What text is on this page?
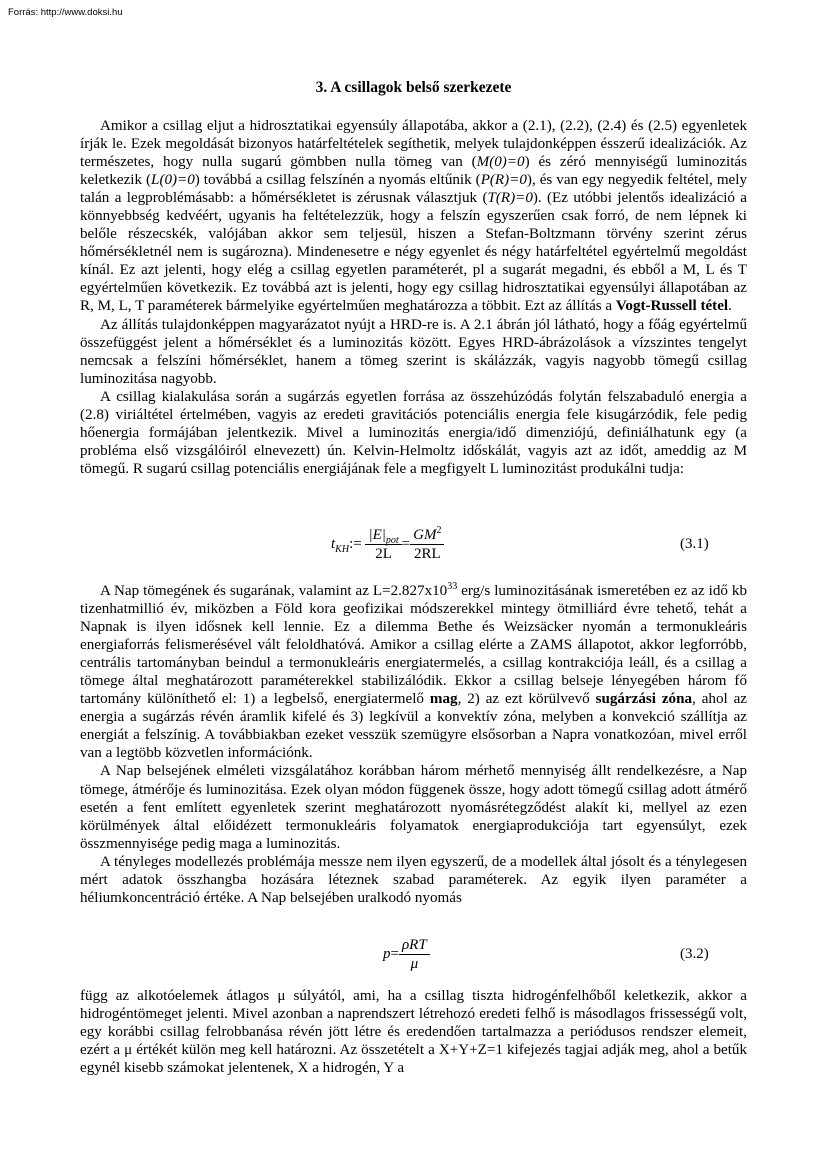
Forrás: http://www.doksi.hu
3. A csillagok belső szerkezete

Amikor a csillag eljut a hidrosztatikai egyensúly állapotába, akkor a (2.1), (2.2), (2.4) és (2.5) egyenletek írják le. Ezek megoldását bizonyos határfeltételek segíthetik, melyek tulajdonképpen ésszerű idealizációk. Az természetes, hogy nulla sugarú gömbben nulla tömeg van (M(0)=0) és zéró mennyiségű luminozitás keletkezik (L(0)=0) továbbá a csillag felszínén a nyomás eltűnik (P(R)=0), és van egy negyedik feltétel, mely talán a legproblémásabb: a hőmérsékletet is zérusnak választjuk (T(R)=0). (Ez utóbbi jelentős idealizáció a könnyebbség kedvéért, ugyanis ha feltételezzük, hogy a felszín egyszerűen csak forró, de nem lépnek ki belőle részecskék, valójában akkor sem teljesül, hiszen a Stefan-Boltzmann törvény szerint zérus hőmérsékletnél nem is sugározna). Mindenesetre e négy egyenlet és négy határfeltétel egyértelmű megoldást kínál. Ez azt jelenti, hogy elég a csillag egyetlen paraméterét, pl a sugarát megadni, és ebből a M, L és T egyértelműen következik. Ez továbbá azt is jelenti, hogy egy csillag hidrosztatikai egyensúlyi állapotában az R, M, L, T paraméterek bármelyike egyértelműen meghatározza a többit. Ezt az állítás a Vogt-Russell tétel.

Az állítás tulajdonképpen magyarázatot nyújt a HRD-re is. A 2.1 ábrán jól látható, hogy a főág egyértelmű összefüggést jelent a hőmérséklet és a luminozitás között. Egyes HRD-ábrázolások a vízszintes tengelyt nemcsak a felszíni hőmérséklet, hanem a tömeg szerint is skálázzák, vagyis nagyobb tömegű csillag luminozitása nagyobb.

A csillag kialakulása során a sugárzás egyetlen forrása az összehúzódás folytán felszabaduló energia a (2.8) viriáltétel értelmében, vagyis az eredeti gravitációs potenciális energia fele kisugárzódik, fele pedig hőenergia formájában jelentkezik. Mivel a luminozitás energia/idő dimenziójú, definiálhatunk egy (a probléma első vizsgálóiról elnevezett) ún. Kelvin-Helmoltz időskálát, vagyis azt az időt, ameddig az M tömegű. R sugarú csillag potenciális energiájának fele a megfigyelt L luminozitást produkálni tudja:

$t_{KH}:= \frac{|E|_{pot}}{2L} = \frac{GM^2}{2RL}$	(3.1)

A Nap tömegének és sugarának, valamint az $L=2.827x10^{33}$ erg/s luminozitásának ismeretében ez az idő kb tizenhatmillió év, miközben a Föld kora geofizikai módszerekkel mintegy ötmilliárd évre tehető, tehát a Napnak is ilyen idősnek kell lennie. Ez a dilemma Bethe és Weizsäcker nyomán a termonukleáris energiaforrás felismerésével vált feloldhatóvá. Amikor a csillag elérte a ZAMS állapotot, akkor legforróbb, centrális tartományban beindul a termonukleáris energiatermelés, a csillag kontrakciója leáll, és a csillag a tömege által meghatározott paraméterekkel stabilizálódik. Ekkor a csillag belseje lényegében három fő tartomány különíthető el: 1) a legbelső, energiatermelő mag, 2) az ezt körülvevő sugárzási zóna, ahol az energia a sugárzás révén áramlik kifelé és 3) legkívül a konvektív zóna, melyben a konvekció szállítja az energiát a felszínig. A továbbiakban ezeket vesszük szemügyre elsősorban a Napra vonatkozóan, mivel erről van a legtöbb közvetlen információnk.

A Nap belsejének elméleti vizsgálatához korábban három mérhető mennyiség állt rendelkezésre, a Nap tömege, átmérője és luminozitása. Ezek olyan módon függenek össze, hogy adott tömegű csillag adott átmérő esetén a fent említett egyenletek szerint meghatározott nyomásrétegződést alakít ki, mellyel az ezen körülmények által előidézett termonukleáris folyamatok energiaprodukciója tart egyensúlyt, ezek összmennyisége pedig maga a luminozitás.

A tényleges modellezés problémája messze nem ilyen egyszerű, de a modellek által jósolt és a ténylegesen mért adatok összhangba hozására léteznek szabad paraméterek. Az egyik ilyen paraméter a héliumkoncentráció értéke. A Nap belsejében uralkodó nyomás

$p= \frac{\text{ρRT}}{\mu}$	(3.2)

függ az alkotóelemek átlagos μ súlyától, ami, ha a csillag tiszta hidrogénfelhőből keletkezik, akkor a hidrogéntömeget jelenti. Mivel azonban a naprendszert létrehozó eredeti felhő is másodlagos frissességű volt, egy korábbi csillag felrobbanása révén jött létre és eredendően tartalmazza a periódusos rendszer elemeit, ezért a μ értékét külön meg kell határozni. Az összetételt a X+Y+Z=1 kifejezés tagjai adják meg, ahol a betűk egynél kisebb számokat jelentenek, X a hidrogén, Y a
